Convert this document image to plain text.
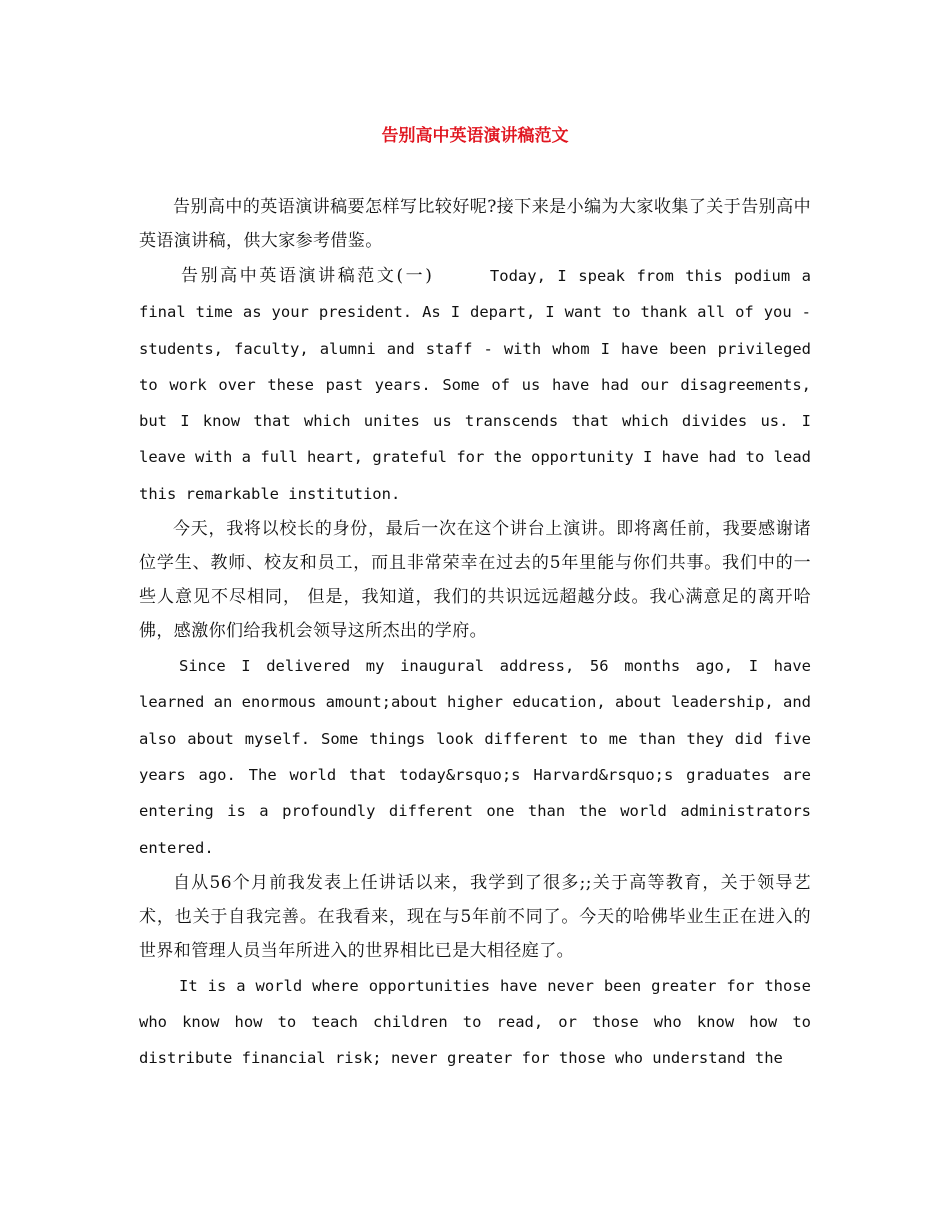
告别高中英语演讲稿范文

告别高中的英语演讲稿要怎样写比较好呢?接下来是小编为大家收集了关于告别高中英语演讲稿，供大家参考借鉴。

告别高中英语演讲稿范文(一)	Today, I speak from this podium a final time as your president. As I depart, I want to thank all of you - students, faculty, alumni and staff - with whom I have been privileged to work over these past years. Some of us have had our disagreements, but I know that which unites us transcends that which divides us. I leave with a full heart, grateful for the opportunity I have had to lead this remarkable institution.

今天，我将以校长的身份，最后一次在这个讲台上演讲。即将离任前，我要感谢诸位学生、教师、校友和员工，而且非常荣幸在过去的5年里能与你们共事。我们中的一些人意见不尽相同， 但是，我知道，我们的共识远远超越分歧。我心满意足的离开哈佛，感激你们给我机会领导这所杰出的学府。

Since I delivered my inaugural address, 56 months ago, I have learned an enormous amount;about higher education, about leadership, and also about myself. Some things look different to me than they did five years ago. The world that today&rsquo;s Harvard&rsquo;s graduates are entering is a profoundly different one than the world administrators entered.

自从56个月前我发表上任讲话以来，我学到了很多;;关于高等教育，关于领导艺术，也关于自我完善。在我看来，现在与5年前不同了。今天的哈佛毕业生正在进入的世界和管理人员当年所进入的世界相比已是大相径庭了。

It is a world where opportunities have never been greater for those who know how to teach children to read, or those who know how to distribute financial risk; never greater for those who understand the
